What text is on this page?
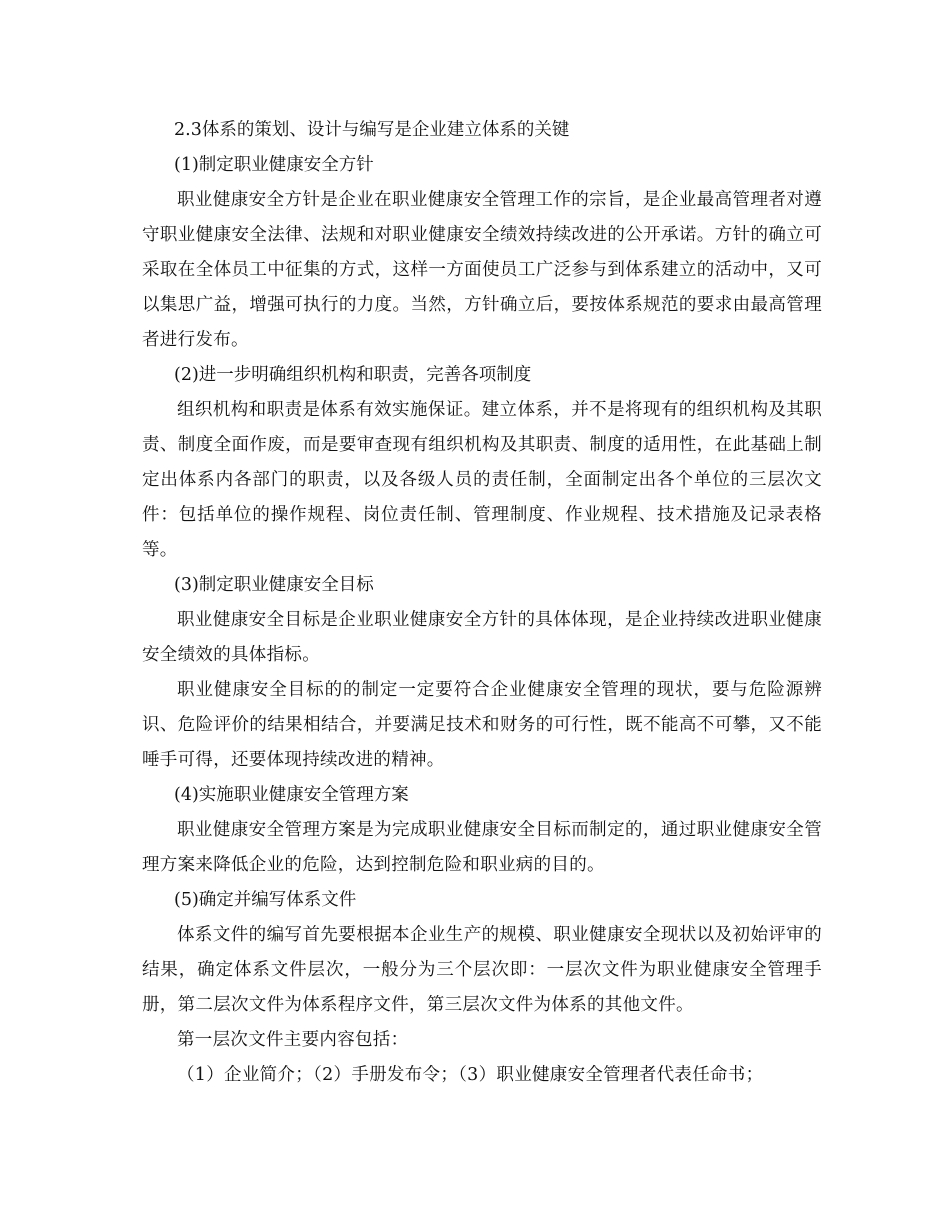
2.3体系的策划、设计与编写是企业建立体系的关键

(1)制定职业健康安全方针

职业健康安全方针是企业在职业健康安全管理工作的宗旨，是企业最高管理者对遵守职业健康安全法律、法规和对职业健康安全绩效持续改进的公开承诺。方针的确立可采取在全体员工中征集的方式，这样一方面使员工广泛参与到体系建立的活动中，又可以集思广益，增强可执行的力度。当然，方针确立后，要按体系规范的要求由最高管理者进行发布。

(2)进一步明确组织机构和职责，完善各项制度

组织机构和职责是体系有效实施保证。建立体系，并不是将现有的组织机构及其职责、制度全面作废，而是要审查现有组织机构及其职责、制度的适用性，在此基础上制定出体系内各部门的职责，以及各级人员的责任制，全面制定出各个单位的三层次文件：包括单位的操作规程、岗位责任制、管理制度、作业规程、技术措施及记录表格等。

(3)制定职业健康安全目标

职业健康安全目标是企业职业健康安全方针的具体体现，是企业持续改进职业健康安全绩效的具体指标。

职业健康安全目标的的制定一定要符合企业健康安全管理的现状，要与危险源辨识、危险评价的结果相结合，并要满足技术和财务的可行性，既不能高不可攀，又不能唾手可得，还要体现持续改进的精神。

(4)实施职业健康安全管理方案

职业健康安全管理方案是为完成职业健康安全目标而制定的，通过职业健康安全管理方案来降低企业的危险，达到控制危险和职业病的目的。

(5)确定并编写体系文件

体系文件的编写首先要根据本企业生产的规模、职业健康安全现状以及初始评审的结果，确定体系文件层次，一般分为三个层次即：一层次文件为职业健康安全管理手册，第二层次文件为体系程序文件，第三层次文件为体系的其他文件。

第一层次文件主要内容包括：

（1）企业简介；（2）手册发布令；（3）职业健康安全管理者代表任命书；
